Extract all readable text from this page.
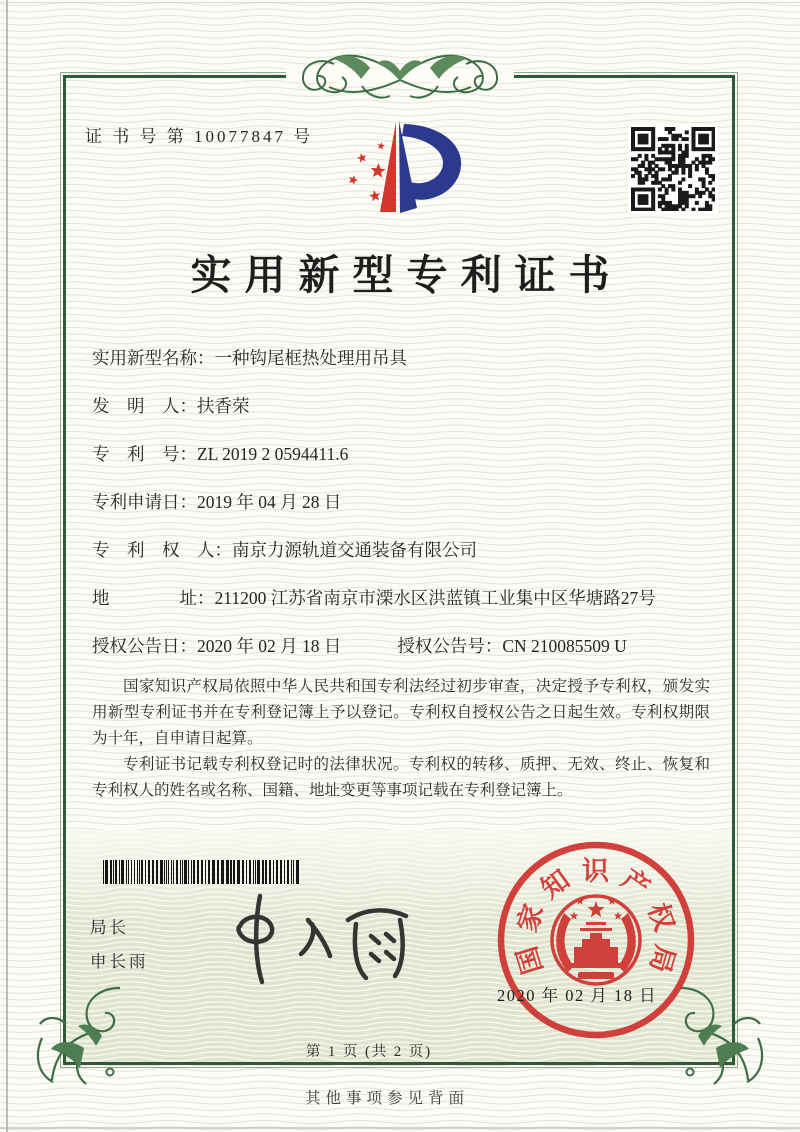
证 书 号 第 10077847 号
实用新型专利证书
实用新型名称： 一种钩尾框热处理用吊具
发　明　人： 扶香荣
专　利　号： ZL 2019 2 0594411.6
专利申请日： 2019 年 04 月 28 日
专　利　权　人： 南京力源轨道交通装备有限公司
地　　　　址： 211200 江苏省南京市溧水区洪蓝镇工业集中区华塘路27号
授权公告日：2020 年 02 月 18 日	授权公告号：CN 210085509 U

国家知识产权局依照中华人民共和国专利法经过初步审查，决定授予专利权，颁发实用新型专利证书并在专利登记簿上予以登记。专利权自授权公告之日起生效。专利权期限为十年，自申请日起算。

专利证书记载专利权登记时的法律状况。专利权的转移、质押、无效、终止、恢复和专利权人的姓名或名称、国籍、地址变更等事项记载在专利登记簿上。

局长
申长雨	国
家
知 识 产
权
局
2020 年 02 月 18 日
第 1 页 (共 2 页)
其他事项参见背面
